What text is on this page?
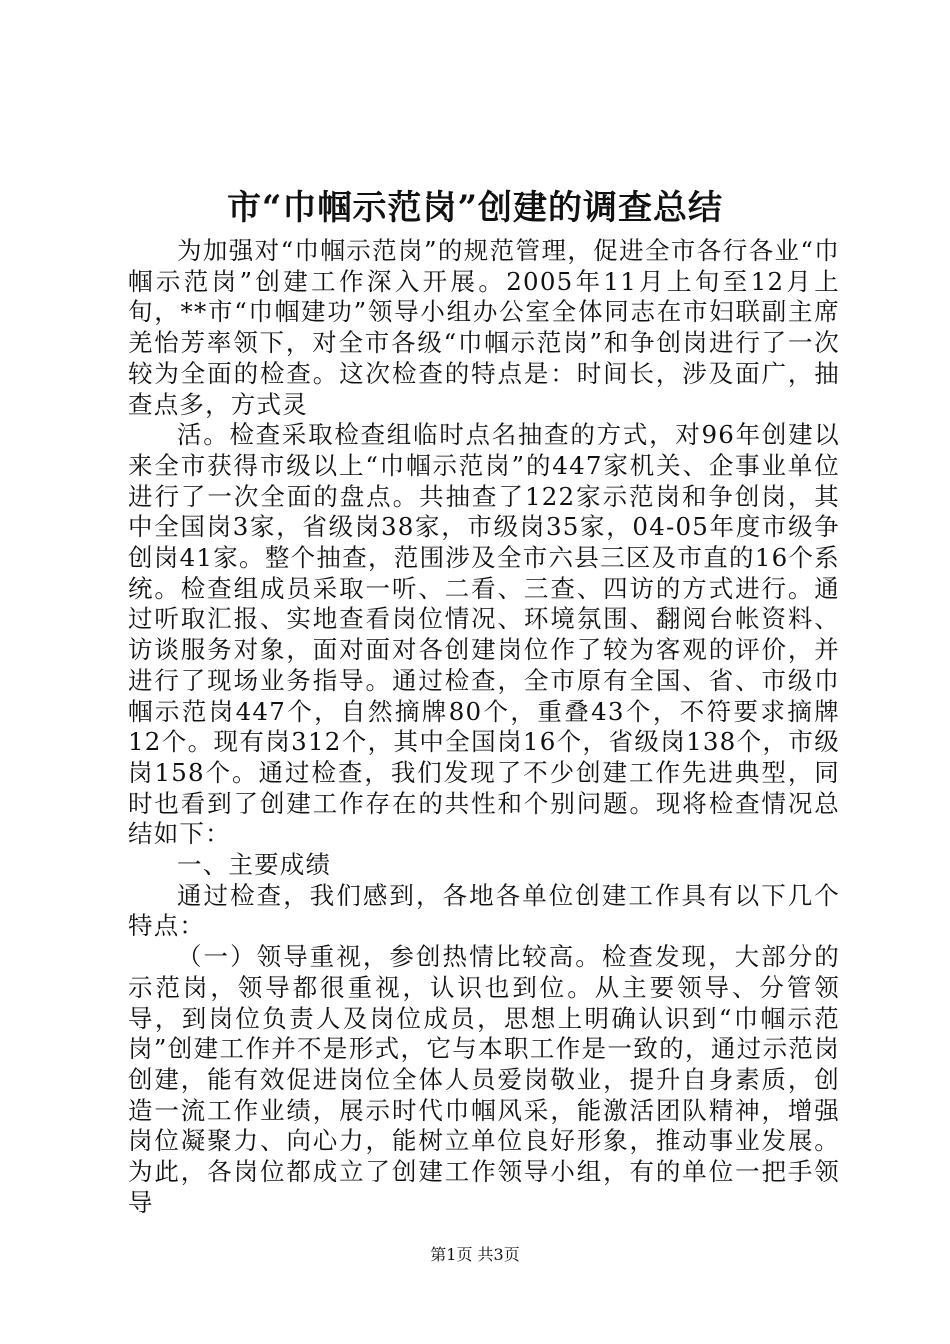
市“巾帼示范岗”创建的调查总结

为加强对“巾帼示范岗”的规范管理，促进全市各行各业“巾帼示范岗”创建工作深入开展。2005年11月上旬至12月上旬，**市“巾帼建功”领导小组办公室全体同志在市妇联副主席羌怡芳率领下，对全市各级“巾帼示范岗”和争创岗进行了一次较为全面的检查。这次检查的特点是：时间长，涉及面广，抽查点多，方式灵

活。检查采取检查组临时点名抽查的方式，对96年创建以来全市获得市级以上“巾帼示范岗”的447家机关、企事业单位进行了一次全面的盘点。共抽查了122家示范岗和争创岗，其中全国岗3家，省级岗38家，市级岗35家，04-05年度市级争创岗41家。整个抽查，范围涉及全市六县三区及市直的16个系统。检查组成员采取一听、二看、三查、四访的方式进行。通过听取汇报、实地查看岗位情况、环境氛围、翻阅台帐资料、访谈服务对象，面对面对各创建岗位作了较为客观的评价，并进行了现场业务指导。通过检查，全市原有全国、省、市级巾帼示范岗447个，自然摘牌80个，重叠43个，不符要求摘牌12个。现有岗312个，其中全国岗16个，省级岗138个，市级岗158个。通过检查，我们发现了不少创建工作先进典型，同时也看到了创建工作存在的共性和个别问题。现将检查情况总结如下：

一、主要成绩

通过检查，我们感到，各地各单位创建工作具有以下几个特点：

（一）领导重视，参创热情比较高。检查发现，大部分的示范岗，领导都很重视，认识也到位。从主要领导、分管领导，到岗位负责人及岗位成员，思想上明确认识到“巾帼示范岗”创建工作并不是形式，它与本职工作是一致的，通过示范岗创建，能有效促进岗位全体人员爱岗敬业，提升自身素质，创造一流工作业绩，展示时代巾帼风采，能激活团队精神，增强岗位凝聚力、向心力，能树立单位良好形象，推动事业发展。为此，各岗位都成立了创建工作领导小组，有的单位一把手领导

第1页 共3页
